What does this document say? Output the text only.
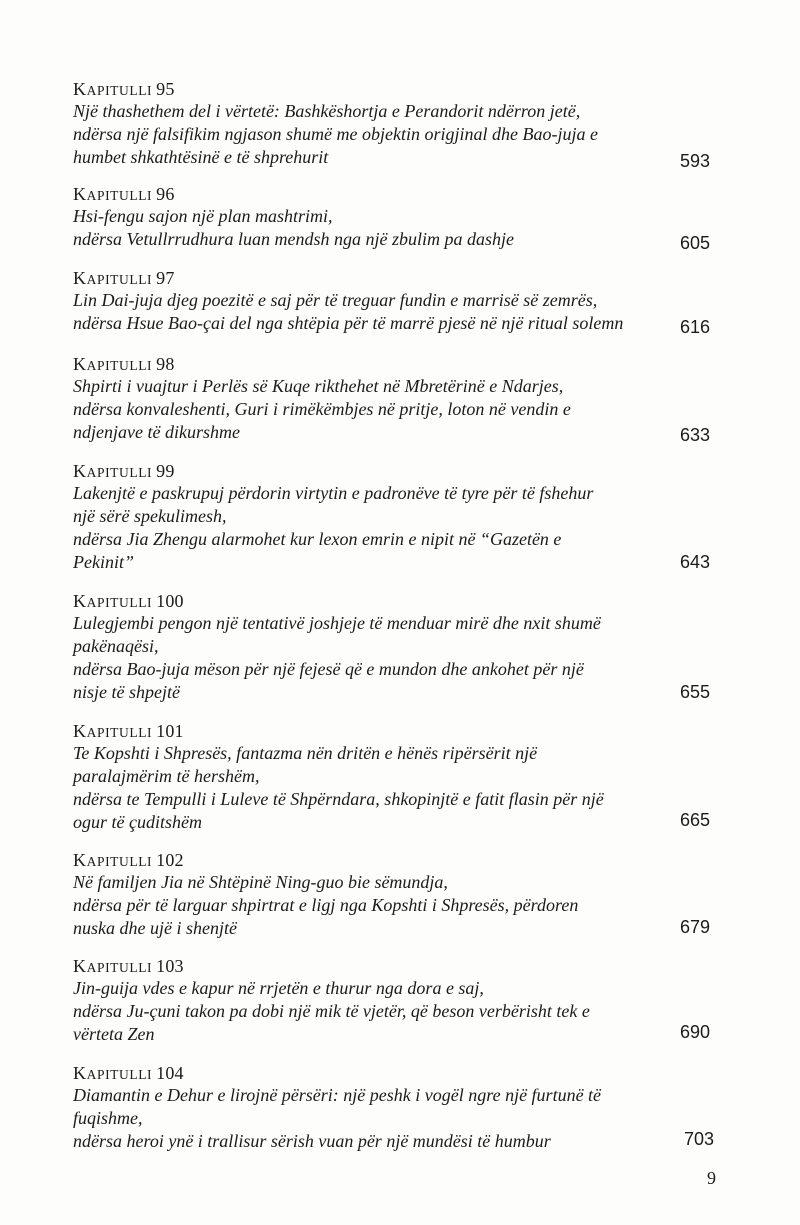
KAPITULLI 95
Një thashethem del i vërtetë: Bashkëshortja e Perandorit ndërron jetë,
ndërsa një falsifikim ngjason shumë me objektin origjinal dhe Bao-juja e
humbet shkathtësinë e të shprehurit	593
KAPITULLI 96
Hsi-fengu sajon një plan mashtrimi,
ndërsa Vetullrrudhura luan mendsh nga një zbulim pa dashje	605
KAPITULLI 97
Lin Dai-juja djeg poezitë e saj për të treguar fundin e marrisë së zemrës,
ndërsa Hsue Bao-çai del nga shtëpia për të marrë pjesë në një ritual solemn	616
KAPITULLI 98
Shpirti i vuajtur i Perlës së Kuqe rikthehet në Mbretërinë e Ndarjes,
ndërsa konvaleshenti, Guri i rimëkëmbjes në pritje, loton në vendin e
ndjenjave të dikurshme	633
KAPITULLI 99
Lakenjtë e paskrupuj përdorin virtytin e padronëve të tyre për të fshehur
një sërë spekulimesh,
ndërsa Jia Zhengu alarmohet kur lexon emrin e nipit në “Gazetën e
Pekinit”	643
KAPITULLI 100
Lulegjembi pengon një tentativë joshjeje të menduar mirë dhe nxit shumë
pakënaqësi,
ndërsa Bao-juja mëson për një fejesë që e mundon dhe ankohet për një
nisje të shpejtë	655
KAPITULLI 101
Te Kopshti i Shpresës, fantazma nën dritën e hënës ripërsërit një
paralajmërim të hershëm,
ndërsa te Tempulli i Luleve të Shpërndara, shkopinjtë e fatit flasin për një
ogur të çuditshëm	665
KAPITULLI 102
Në familjen Jia në Shtëpinë Ning-guo bie sëmundja,
ndërsa për të larguar shpirtrat e ligj nga Kopshti i Shpresës, përdoren
nuska dhe ujë i shenjtë	679
KAPITULLI 103
Jin-guija vdes e kapur në rrjetën e thurur nga dora e saj,
ndërsa Ju-çuni takon pa dobi një mik të vjetër, që beson verbërisht tek e
vërteta Zen	690
KAPITULLI 104
Diamantin e Dehur e lirojnë përsëri: një peshk i vogël ngre një furtunë të
fuqishme,
ndërsa heroi ynë i trallisur sërish vuan për një mundësi të humbur	703
9
